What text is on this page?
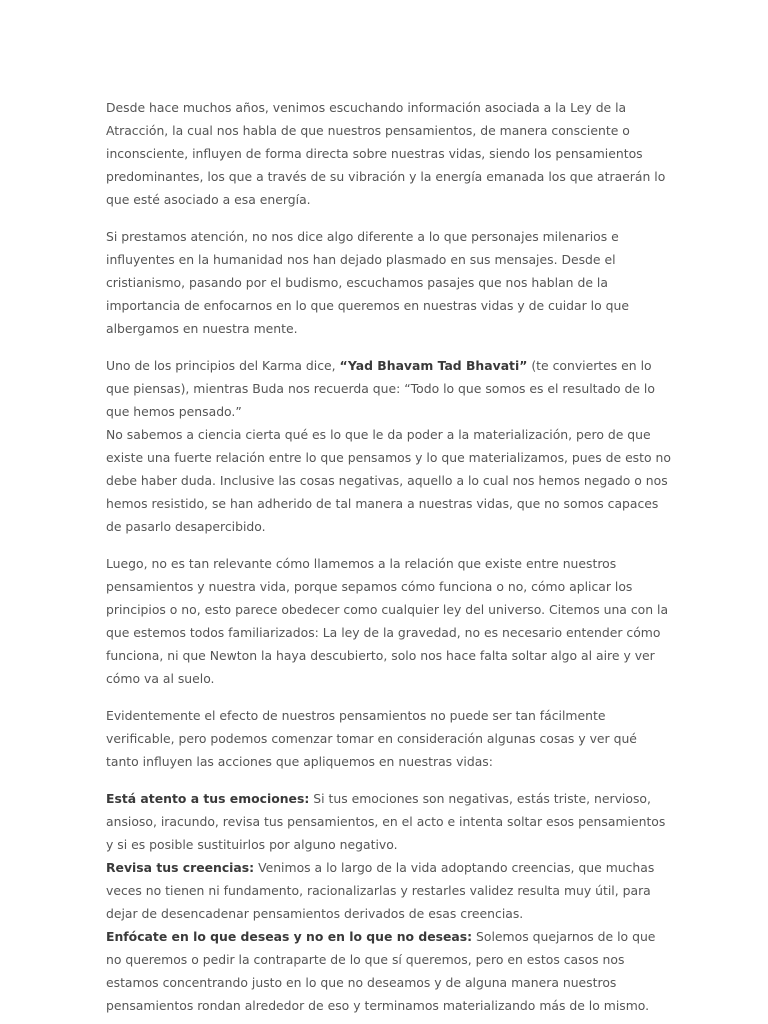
Desde hace muchos años, venimos escuchando información asociada a la Ley de la Atracción, la cual nos habla de que nuestros pensamientos, de manera consciente o inconsciente, influyen de forma directa sobre nuestras vidas, siendo los pensamientos predominantes, los que a través de su vibración y la energía emanada los que atraerán lo que esté asociado a esa energía.

Si prestamos atención, no nos dice algo diferente a lo que personajes milenarios e influyentes en la humanidad nos han dejado plasmado en sus mensajes. Desde el cristianismo, pasando por el budismo, escuchamos pasajes que nos hablan de la importancia de enfocarnos en lo que queremos en nuestras vidas y de cuidar lo que albergamos en nuestra mente.

Uno de los principios del Karma dice, “Yad Bhavam Tad Bhavati” (te conviertes en lo que piensas), mientras Buda nos recuerda que: “Todo lo que somos es el resultado de lo que hemos pensado.”

No sabemos a ciencia cierta qué es lo que le da poder a la materialización, pero de que existe una fuerte relación entre lo que pensamos y lo que materializamos, pues de esto no debe haber duda. Inclusive las cosas negativas, aquello a lo cual nos hemos negado o nos hemos resistido, se han adherido de tal manera a nuestras vidas, que no somos capaces de pasarlo desapercibido.

Luego, no es tan relevante cómo llamemos a la relación que existe entre nuestros pensamientos y nuestra vida, porque sepamos cómo funciona o no, cómo aplicar los principios o no, esto parece obedecer como cualquier ley del universo. Citemos una con la que estemos todos familiarizados: La ley de la gravedad, no es necesario entender cómo funciona, ni que Newton la haya descubierto, solo nos hace falta soltar algo al aire y ver cómo va al suelo.

Evidentemente el efecto de nuestros pensamientos no puede ser tan fácilmente verificable, pero podemos comenzar tomar en consideración algunas cosas y ver qué tanto influyen las acciones que apliquemos en nuestras vidas:

Está atento a tus emociones: Si tus emociones son negativas, estás triste, nervioso, ansioso, iracundo, revisa tus pensamientos, en el acto e intenta soltar esos pensamientos y si es posible sustituirlos por alguno negativo.

Revisa tus creencias: Venimos a lo largo de la vida adoptando creencias, que muchas veces no tienen ni fundamento, racionalizarlas y restarles validez resulta muy útil, para dejar de desencadenar pensamientos derivados de esas creencias.

Enfócate en lo que deseas y no en lo que no deseas: Solemos quejarnos de lo que no queremos o pedir la contraparte de lo que sí queremos, pero en estos casos nos estamos concentrando justo en lo que no deseamos y de alguna manera nuestros pensamientos rondan alrededor de eso y terminamos materializando más de lo mismo.
